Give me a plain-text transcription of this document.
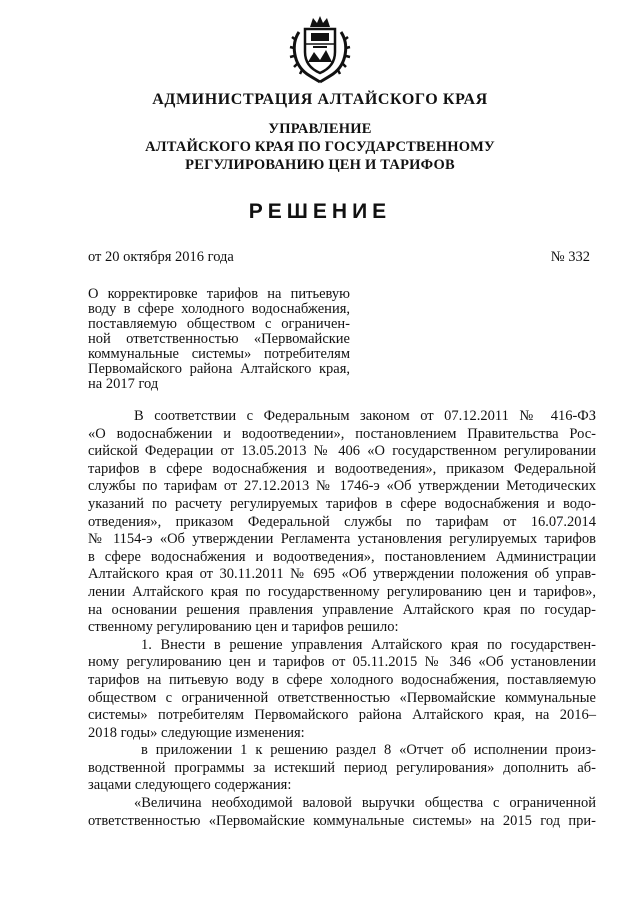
АДМИНИСТРАЦИЯ АЛТАЙСКОГО КРАЯ
УПРАВЛЕНИЕ
АЛТАЙСКОГО КРАЯ ПО ГОСУДАРСТВЕННОМУ
РЕГУЛИРОВАНИЮ ЦЕН И ТАРИФОВ
РЕШЕНИЕ
от 20 октября 2016 года	№ 332
О корректировке тарифов на питьевую
воду в сфере холодного водоснабжения,
поставляемую обществом с ограничен-
ной ответственностью «Первомайские
коммунальные системы» потребителям
Первомайского района Алтайского края,
на 2017 год
В соответствии с Федеральным законом от 07.12.2011 № 416-ФЗ
«О водоснабжении и водоотведении», постановлением Правительства Рос-
сийской Федерации от 13.05.2013 № 406 «О государственном регулировании
тарифов в сфере водоснабжения и водоотведения», приказом Федеральной
службы по тарифам от 27.12.2013 № 1746-э «Об утверждении Методических
указаний по расчету регулируемых тарифов в сфере водоснабжения и водо-
отведения», приказом Федеральной службы по тарифам от 16.07.2014
№ 1154-э «Об утверждении Регламента установления регулируемых тарифов
в сфере водоснабжения и водоотведения», постановлением Администрации
Алтайского края от 30.11.2011 № 695 «Об утверждении положения об управ-
лении Алтайского края по государственному регулированию цен и тарифов»,
на основании решения правления управление Алтайского края по государ-
ственному регулированию цен и тарифов решило:
1. Внести в решение управления Алтайского края по государствен-
ному регулированию цен и тарифов от 05.11.2015 № 346 «Об установлении
тарифов на питьевую воду в сфере холодного водоснабжения, поставляемую
обществом с ограниченной ответственностью «Первомайские коммунальные
системы» потребителям Первомайского района Алтайского края, на 2016–
2018 годы» следующие изменения:
в приложении 1 к решению раздел 8 «Отчет об исполнении произ-
водственной программы за истекший период регулирования» дополнить аб-
зацами следующего содержания:
«Величина необходимой валовой выручки общества с ограниченной
ответственностью «Первомайские коммунальные системы» на 2015 год при-
